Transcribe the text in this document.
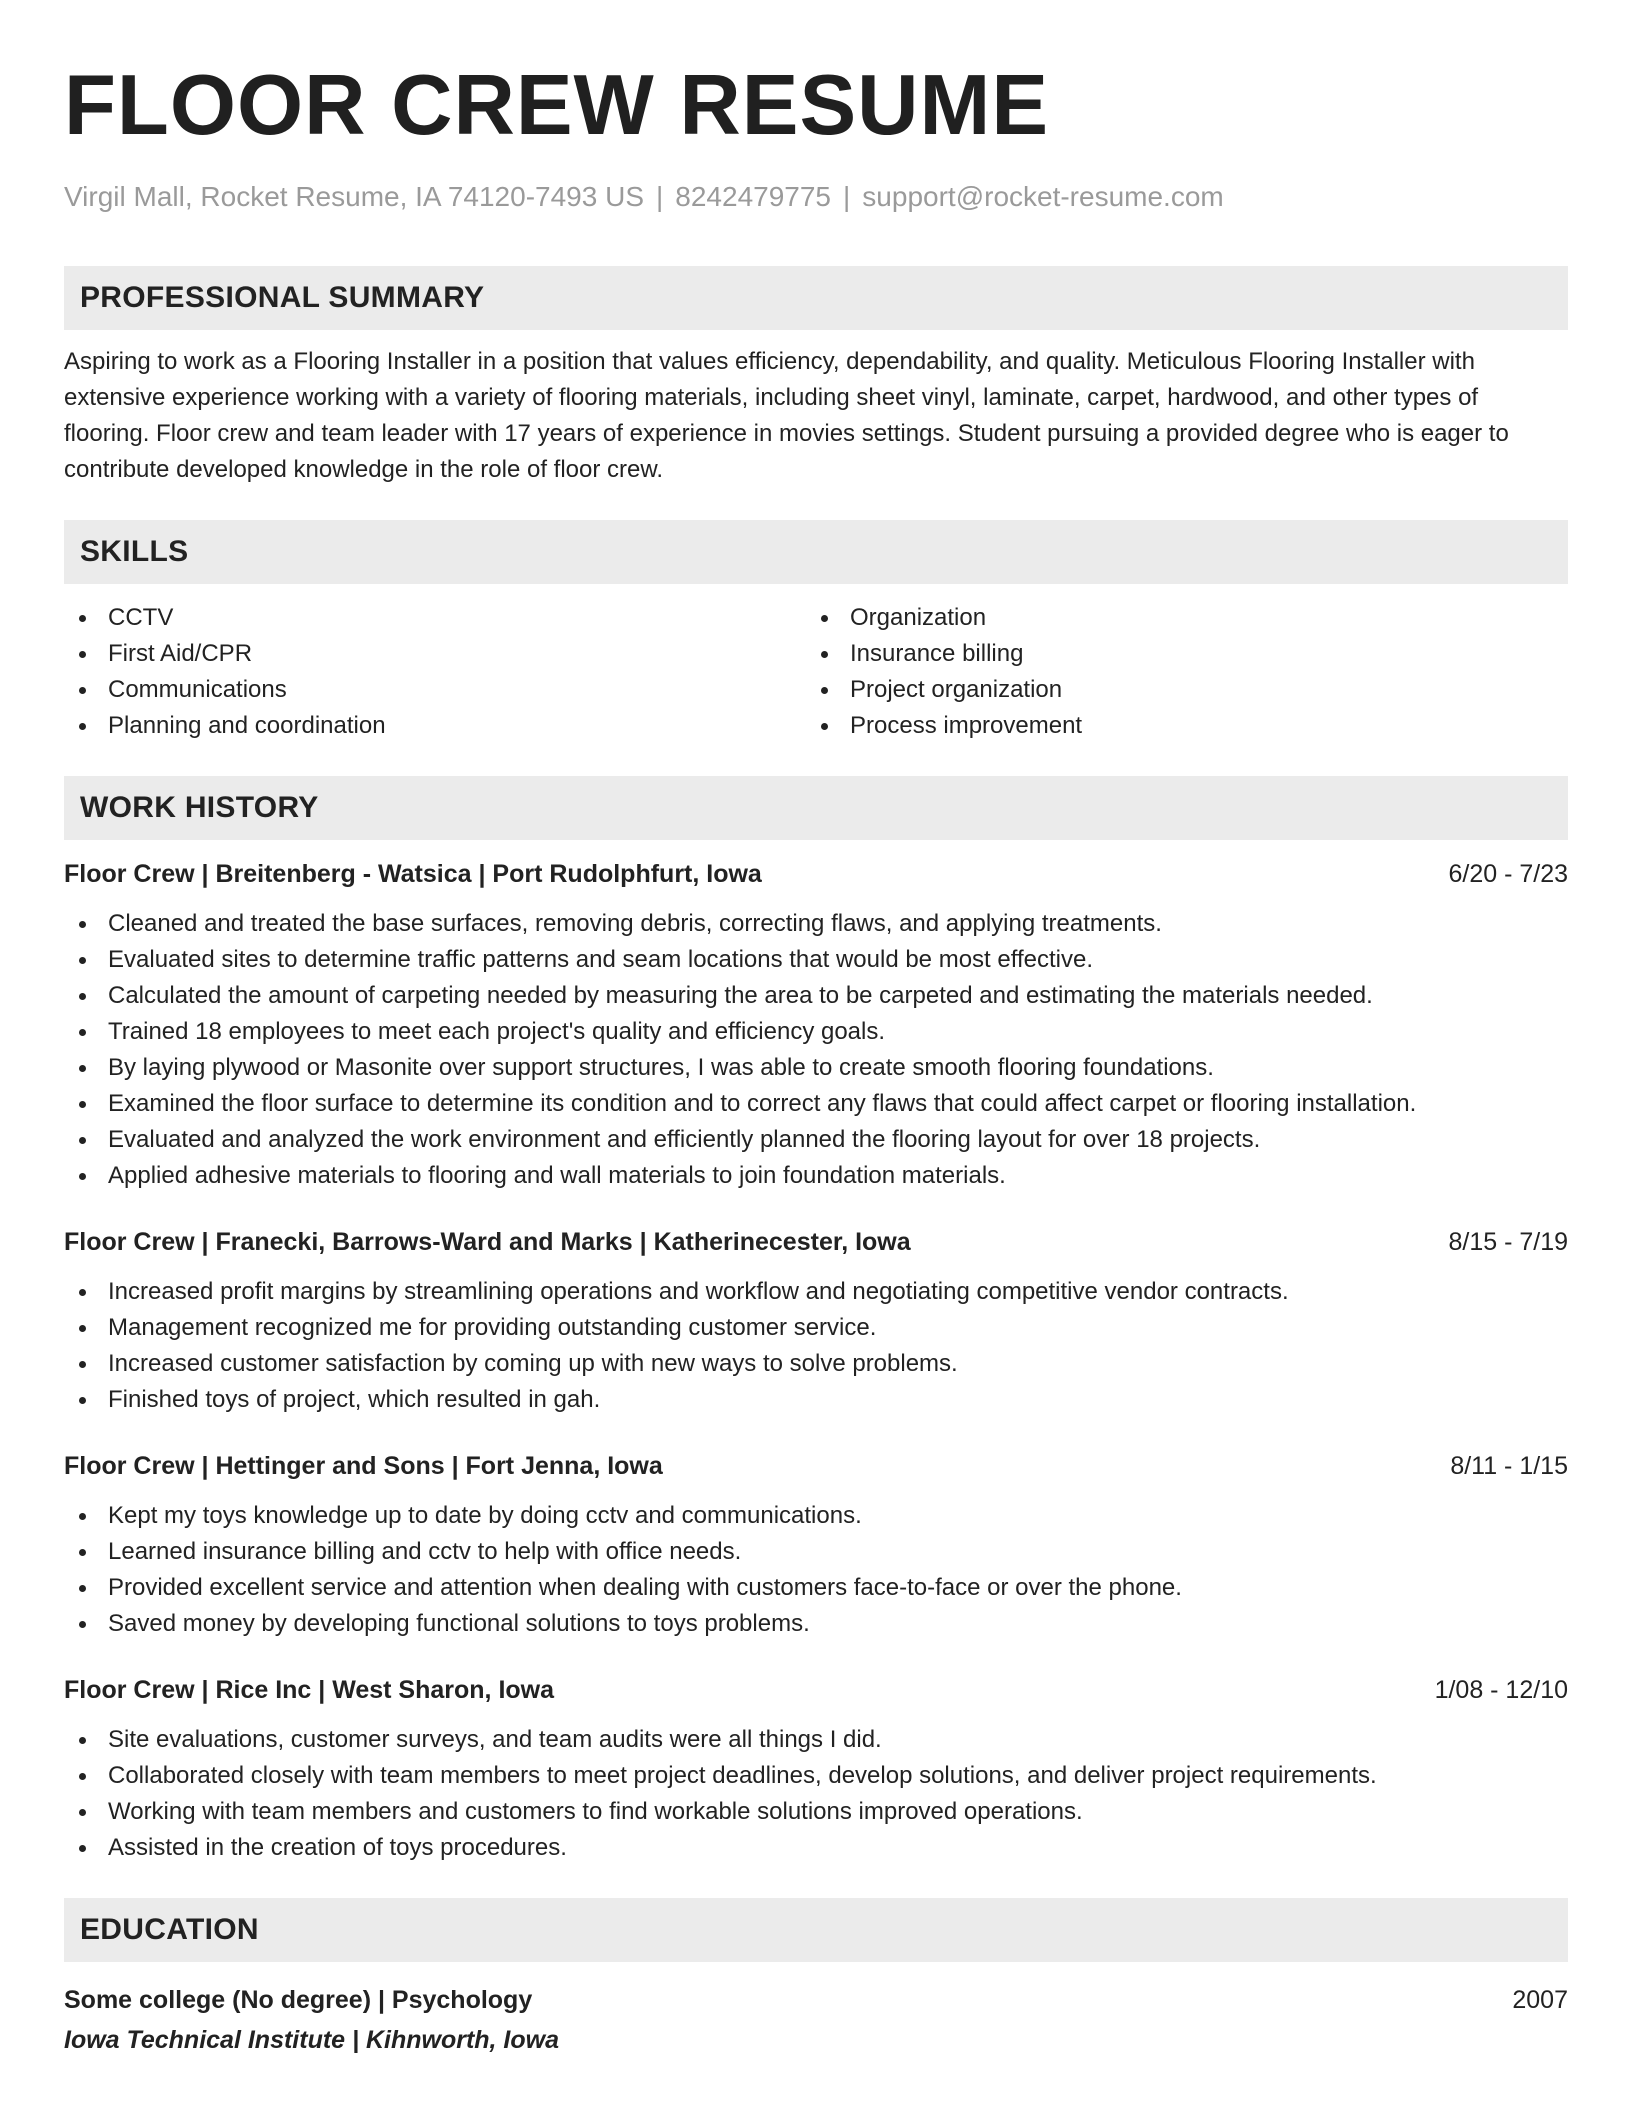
FLOOR CREW RESUME
Virgil Mall, Rocket Resume, IA 74120-7493 US | 8242479775 | support@rocket-resume.com
PROFESSIONAL SUMMARY
Aspiring to work as a Flooring Installer in a position that values efficiency, dependability, and quality. Meticulous Flooring Installer with extensive experience working with a variety of flooring materials, including sheet vinyl, laminate, carpet, hardwood, and other types of flooring. Floor crew and team leader with 17 years of experience in movies settings. Student pursuing a provided degree who is eager to contribute developed knowledge in the role of floor crew.
SKILLS
CCTV
First Aid/CPR
Communications
Planning and coordination
Organization
Insurance billing
Project organization
Process improvement
WORK HISTORY
Floor Crew | Breitenberg - Watsica | Port Rudolphfurt, Iowa	6/20 - 7/23
Cleaned and treated the base surfaces, removing debris, correcting flaws, and applying treatments.
Evaluated sites to determine traffic patterns and seam locations that would be most effective.
Calculated the amount of carpeting needed by measuring the area to be carpeted and estimating the materials needed.
Trained 18 employees to meet each project's quality and efficiency goals.
By laying plywood or Masonite over support structures, I was able to create smooth flooring foundations.
Examined the floor surface to determine its condition and to correct any flaws that could affect carpet or flooring installation.
Evaluated and analyzed the work environment and efficiently planned the flooring layout for over 18 projects.
Applied adhesive materials to flooring and wall materials to join foundation materials.
Floor Crew | Franecki, Barrows-Ward and Marks | Katherinecester, Iowa	8/15 - 7/19
Increased profit margins by streamlining operations and workflow and negotiating competitive vendor contracts.
Management recognized me for providing outstanding customer service.
Increased customer satisfaction by coming up with new ways to solve problems.
Finished toys of project, which resulted in gah.
Floor Crew | Hettinger and Sons | Fort Jenna, Iowa	8/11 - 1/15
Kept my toys knowledge up to date by doing cctv and communications.
Learned insurance billing and cctv to help with office needs.
Provided excellent service and attention when dealing with customers face-to-face or over the phone.
Saved money by developing functional solutions to toys problems.
Floor Crew | Rice Inc | West Sharon, Iowa	1/08 - 12/10
Site evaluations, customer surveys, and team audits were all things I did.
Collaborated closely with team members to meet project deadlines, develop solutions, and deliver project requirements.
Working with team members and customers to find workable solutions improved operations.
Assisted in the creation of toys procedures.
EDUCATION
Some college (No degree) | Psychology	2007
Iowa Technical Institute | Kihnworth, Iowa
